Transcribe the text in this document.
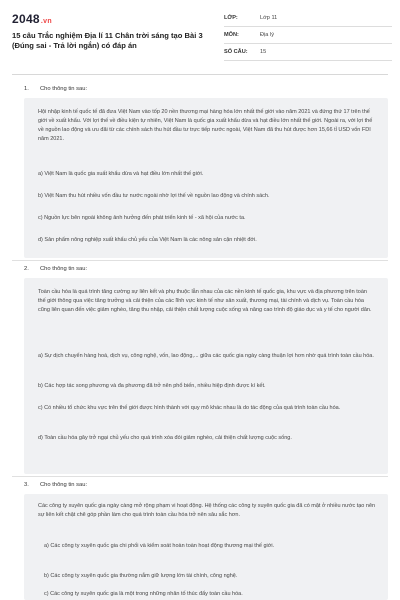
2048.vn
15 câu Trắc nghiệm Địa lí 11 Chân trời sáng tạo Bài 3 (Đúng sai - Trả lời ngắn) có đáp án
LỚP:	Lớp 11
MÔN:	Địa lý
SỐ CÂU:	15
1. Cho thông tin sau:
Hội nhập kinh tế quốc tế đã đưa Việt Nam vào tốp 20 nền thương mại hàng hóa lớn nhất thế giới vào năm 2021 và đứng thứ 17 trên thế giới về xuất khẩu. Với lợi thế về điều kiện tự nhiên, Việt Nam là quốc gia xuất khẩu dừa và hạt điều lớn nhất thế giới. Ngoài ra, với lợi thế về nguồn lao động và ưu đãi từ các chính sách thu hút đầu tư trực tiếp nước ngoài, Việt Nam đã thu hút được hơn 15,66 tỉ USD vốn FDI năm 2021.
a) Việt Nam là quốc gia xuất khẩu dừa và hạt điều lớn nhất thế giới.
b) Việt Nam thu hút nhiều vốn đầu tư nước ngoài nhờ lợi thế về nguồn lao động và chính sách.
c) Nguồn lực bên ngoài không ảnh hưởng đến phát triển kinh tế - xã hội của nước ta.
d) Sản phẩm nông nghiệp xuất khẩu chủ yếu của Việt Nam là các nông sản cận nhiệt đới.
2. Cho thông tin sau:
Toàn cầu hóa là quá trình tăng cường sự liên kết và phụ thuộc lẫn nhau của các nền kinh tế quốc gia, khu vực và địa phương trên toàn thế giới thông qua việc tăng trưởng và cải thiện của các lĩnh vực kinh tế như sản xuất, thương mại, tài chính và dịch vụ. Toàn cầu hóa cũng liên quan đến việc giảm nghèo, tăng thu nhập, cải thiện chất lượng cuộc sống và nâng cao trình độ giáo dục và y tế cho người dân.
a) Sự dịch chuyển hàng hoá, dịch vụ, công nghệ, vốn, lao động,... giữa các quốc gia ngày càng thuận lợi hơn nhờ quá trình toàn cầu hóa.
b) Các hợp tác song phương và đa phương đã trở nên phổ biến, nhiều hiệp định được kí kết.
c) Có nhiều tổ chức khu vực trên thế giới được hình thành với quy mô khác nhau là do tác động của quá trình toàn cầu hóa.
d) Toàn cầu hóa gây trở ngại chủ yếu cho quá trình xóa đói giảm nghèo, cải thiện chất lượng cuộc sống.
3. Cho thông tin sau:
Các công ty xuyên quốc gia ngày càng mở rộng phạm vi hoạt động. Hệ thống các công ty xuyên quốc gia đã có mặt ở nhiều nước tạo nên sự liên kết chặt chẽ góp phần làm cho quá trình toàn cầu hóa trở nên sâu sắc hơn.
a) Các công ty xuyên quốc gia chi phối và kiểm soát hoàn toàn hoạt động thương mại thế giới.
b) Các công ty xuyên quốc gia thường nắm giữ lượng lớn tài chính, công nghệ.
c) Các công ty xuyên quốc gia là một trong những nhân tố thúc đẩy toàn cầu hóa.
